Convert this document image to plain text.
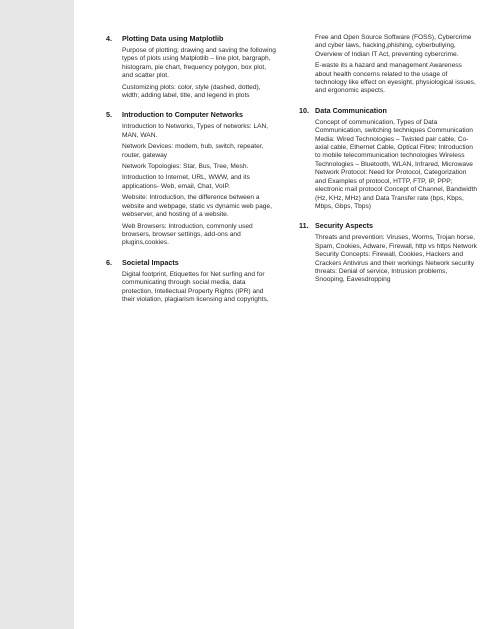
4.	Plotting Data using Matplotlib

Purpose of plotting; drawing and saving the following types of plots using Matplotlib – line plot, bargraph, histogram, pie chart, frequency polygon, box plot, and scatter plot.

Customizing plots: color, style (dashed, dotted), width; adding label, title, and legend in plots

5.	Introduction to Computer Networks

Introduction to Networks, Types of networks: LAN, MAN, WAN.

Network Devices: modem, hub, switch, repeater, router, gateway

Network Topologies: Star, Bus, Tree, Mesh.

Introduction to Internet, URL, WWW, and its applications- Web, email, Chat, VoIP.

Website: Introduction, the difference between a website and webpage, static vs dynamic web page, webserver, and hosting of a website.

Web Browsers: Introduction, commonly used browsers, browser settings, add-ons and plugins,cookies.

6.	Societal Impacts

Digital footprint, Etiquettes for Net surfing and for communicating through social media, data protection, Intellectual Property Rights (IPR) and their violation, plagiarism licensing and copyrights,

Free and Open Source Software (FOSS), Cybercrime and cyber laws, hacking,phishing, cyberbullying, Overview of Indian IT Act, preventing cybercrime.

E-waste its a hazard and management Awareness about health concerns related to the usage of technology like effect on eyesight, physiological issues, and ergonomic aspects.

10. Data Communication

Concept of communication, Types of Data Communication, switching techniques Communication Media: Wired Technologies – Twisted pair cable, Co-axial cable, Ethernet Cable, Optical Fibre; Introduction to mobile telecommunication technologies Wireless Technologies – Bluetooth, WLAN, Infrared, Microwave Network Protocol: Need for Protocol, Categorization and Examples of protocol, HTTP, FTP, IP, PPP; electronic mail protocol Concept of Channel, Bandwidth (Hz, KHz, MHz) and Data Transfer rate (bps, Kbps, Mbps, Gbps, Tbps)

11. Security Aspects

Threats and prevention: Viruses, Worms, Trojan horse, Spam, Cookies, Adware, Firewall, http vs https Network Security Concepts: Firewall, Cookies, Hackers and Crackers Antivirus and their workings Network security threats: Denial of service, Intrusion problems, Snooping, Eavesdropping
